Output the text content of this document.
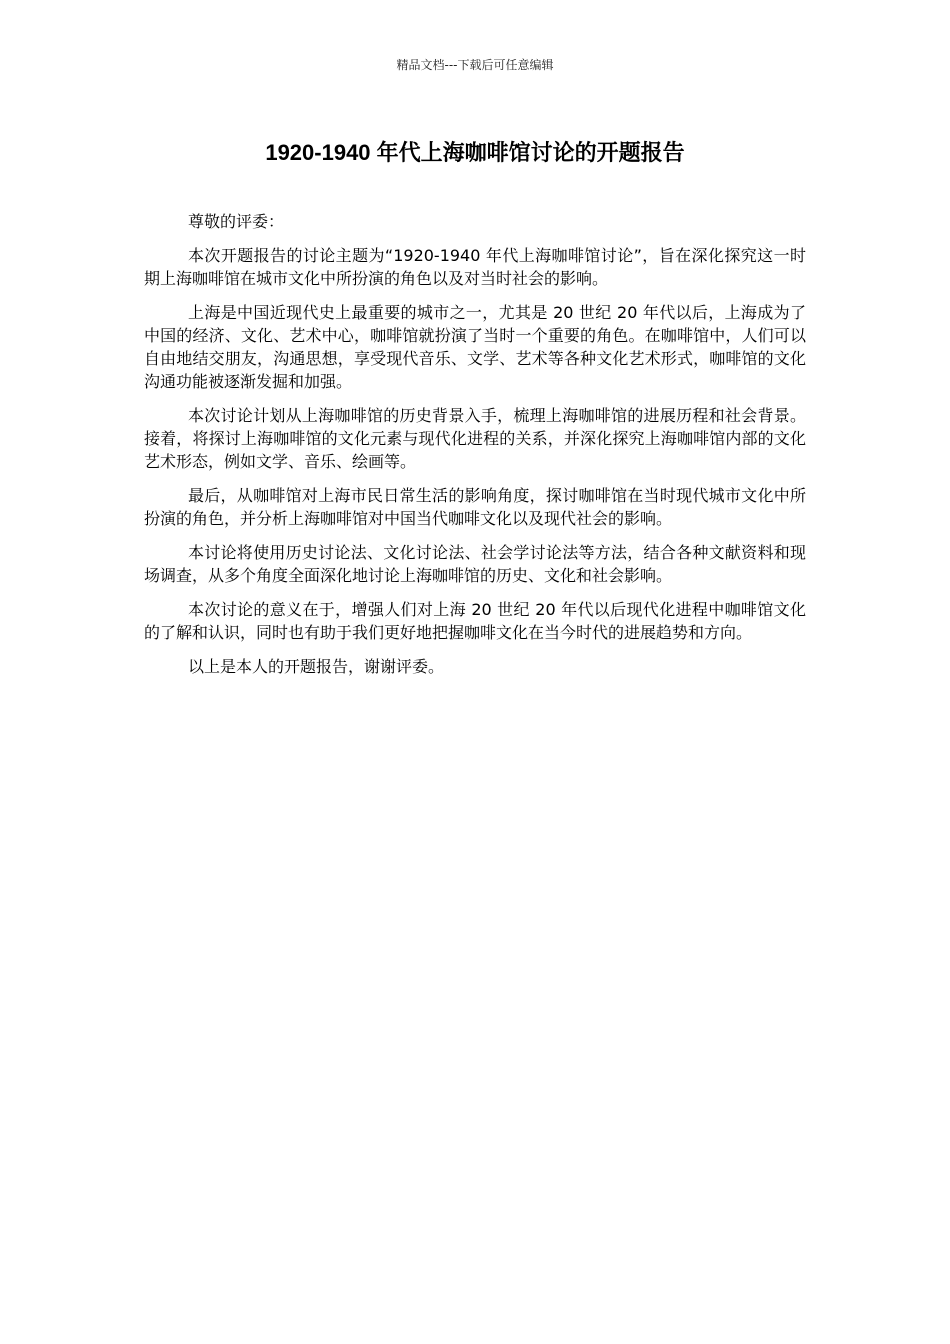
精品文档---下载后可任意编辑
1920-1940 年代上海咖啡馆讨论的开题报告

尊敬的评委：

本次开题报告的讨论主题为“1920-1940 年代上海咖啡馆讨论”，旨在深化探究这一时期上海咖啡馆在城市文化中所扮演的角色以及对当时社会的影响。

上海是中国近现代史上最重要的城市之一，尤其是 20 世纪 20 年代以后，上海成为了中国的经济、文化、艺术中心，咖啡馆就扮演了当时一个重要的角色。在咖啡馆中，人们可以自由地结交朋友，沟通思想，享受现代音乐、文学、艺术等各种文化艺术形式，咖啡馆的文化沟通功能被逐渐发掘和加强。

本次讨论计划从上海咖啡馆的历史背景入手，梳理上海咖啡馆的进展历程和社会背景。接着，将探讨上海咖啡馆的文化元素与现代化进程的关系，并深化探究上海咖啡馆内部的文化艺术形态，例如文学、音乐、绘画等。

最后，从咖啡馆对上海市民日常生活的影响角度，探讨咖啡馆在当时现代城市文化中所扮演的角色，并分析上海咖啡馆对中国当代咖啡文化以及现代社会的影响。

本讨论将使用历史讨论法、文化讨论法、社会学讨论法等方法，结合各种文献资料和现场调查，从多个角度全面深化地讨论上海咖啡馆的历史、文化和社会影响。

本次讨论的意义在于，增强人们对上海 20 世纪 20 年代以后现代化进程中咖啡馆文化的了解和认识，同时也有助于我们更好地把握咖啡文化在当今时代的进展趋势和方向。

以上是本人的开题报告，谢谢评委。
